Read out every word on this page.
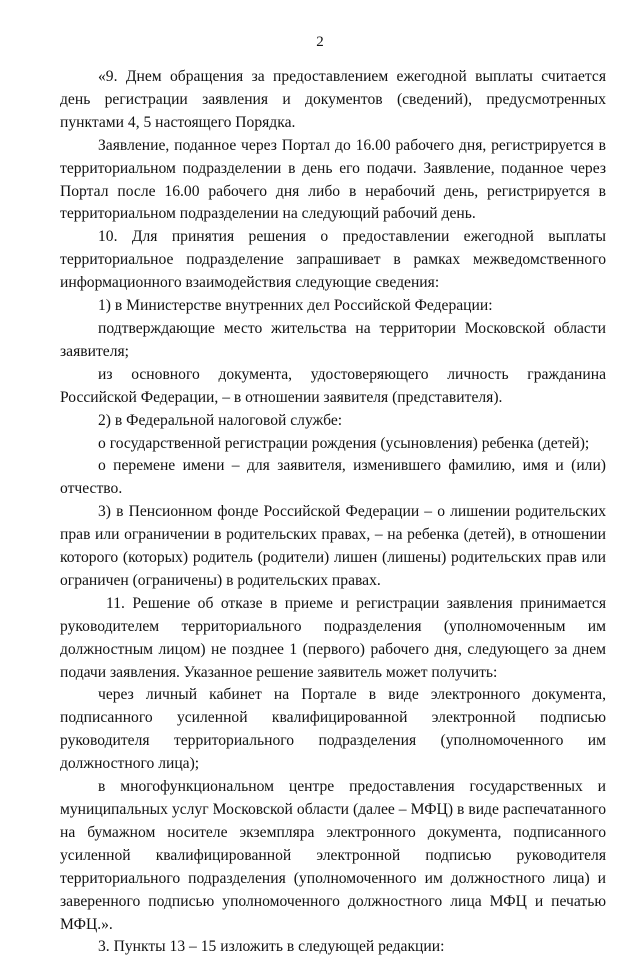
2

«9. Днем обращения за предоставлением ежегодной выплаты считается день регистрации заявления и документов (сведений), предусмотренных пунктами 4, 5 настоящего Порядка.

Заявление, поданное через Портал до 16.00 рабочего дня, регистрируется в территориальном подразделении в день его подачи. Заявление, поданное через Портал после 16.00 рабочего дня либо в нерабочий день, регистрируется в территориальном подразделении на следующий рабочий день.

10. Для принятия решения о предоставлении ежегодной выплаты территориальное подразделение запрашивает в рамках межведомственного информационного взаимодействия следующие сведения:

1) в Министерстве внутренних дел Российской Федерации:

подтверждающие место жительства на территории Московской области заявителя;

из основного документа, удостоверяющего личность гражданина Российской Федерации, – в отношении заявителя (представителя).

2) в Федеральной налоговой службе:

о государственной регистрации рождения (усыновления) ребенка (детей);

о перемене имени – для заявителя, изменившего фамилию, имя и (или) отчество.

3) в Пенсионном фонде Российской Федерации – о лишении родительских прав или ограничении в родительских правах, – на ребенка (детей), в отношении которого (которых) родитель (родители) лишен (лишены) родительских прав или ограничен (ограничены) в родительских правах.

11. Решение об отказе в приеме и регистрации заявления принимается руководителем территориального подразделения (уполномоченным им должностным лицом) не позднее 1 (первого) рабочего дня, следующего за днем подачи заявления. Указанное решение заявитель может получить:

через личный кабинет на Портале в виде электронного документа, подписанного усиленной квалифицированной электронной подписью руководителя территориального подразделения (уполномоченного им должностного лица);

в многофункциональном центре предоставления государственных и муниципальных услуг Московской области (далее – МФЦ) в виде распечатанного на бумажном носителе экземпляра электронного документа, подписанного усиленной квалифицированной электронной подписью руководителя территориального подразделения (уполномоченного им должностного лица) и заверенного подписью уполномоченного должностного лица МФЦ и печатью МФЦ.».

3. Пункты 13 – 15 изложить в следующей редакции:
